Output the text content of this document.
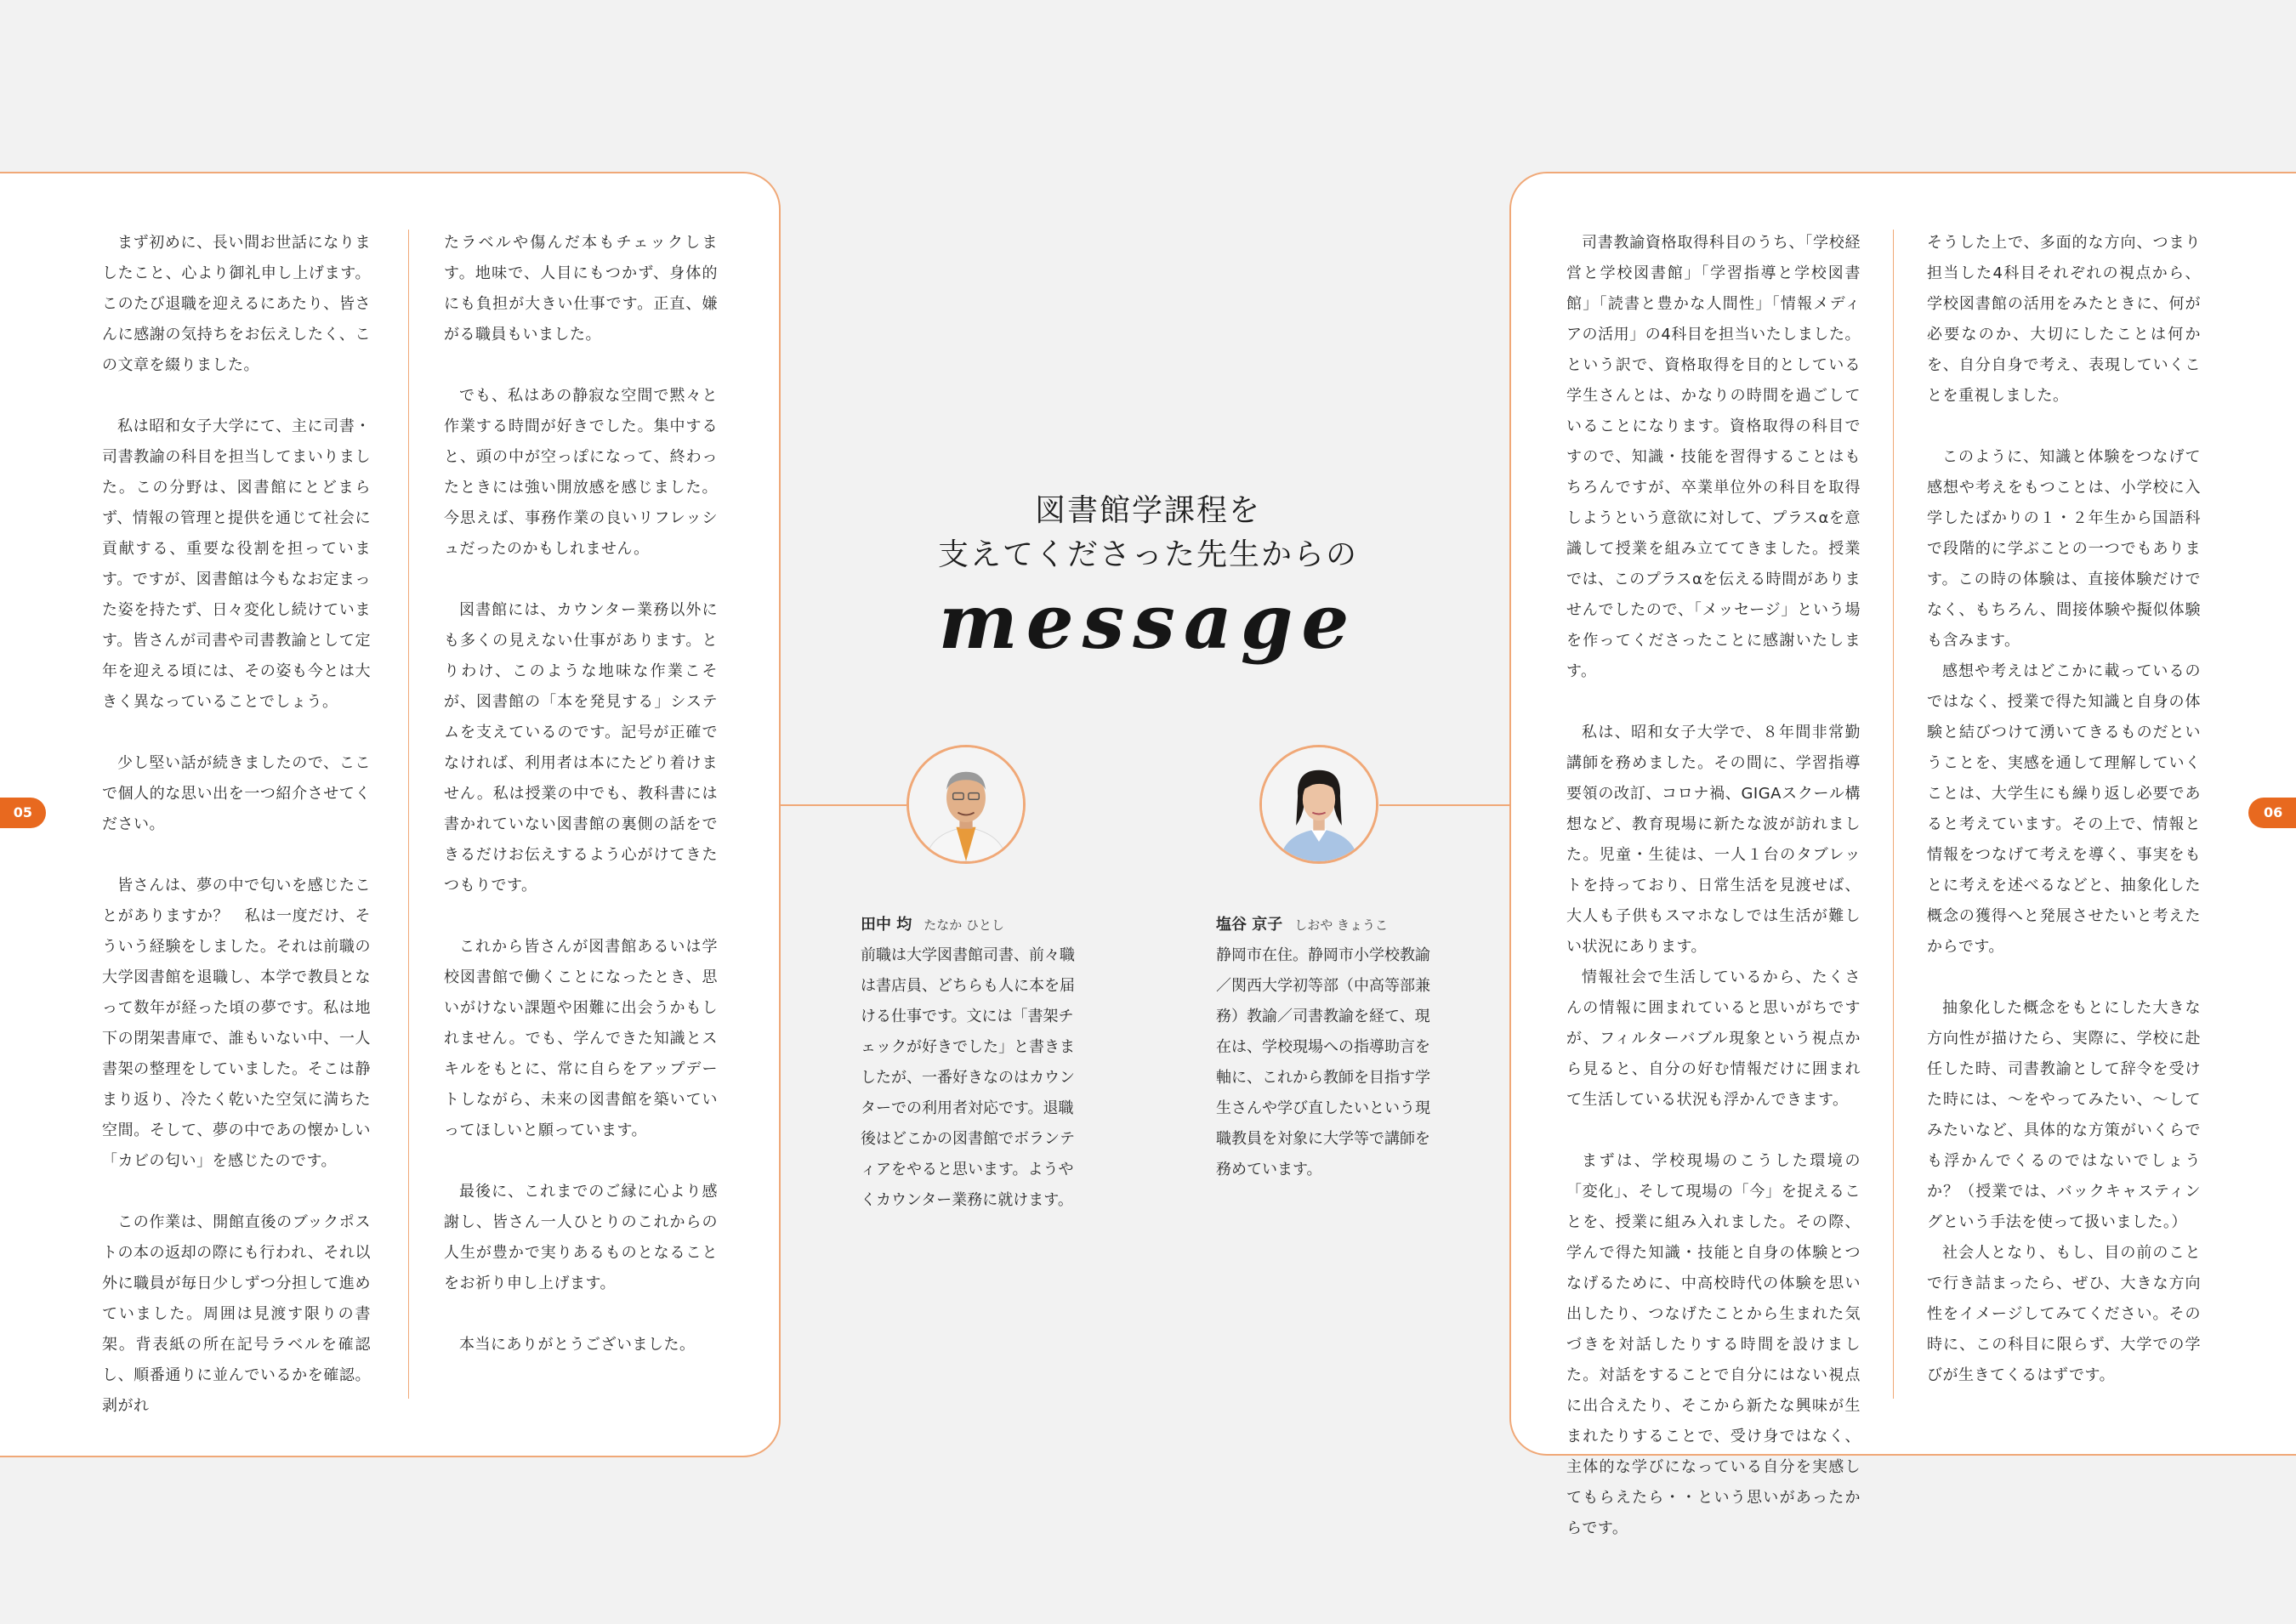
05

まず初めに、長い間お世話になりましたこと、心より御礼申し上げます。このたび退職を迎えるにあたり、皆さんに感謝の気持ちをお伝えしたく、この文章を綴りました。

私は昭和女子大学にて、主に司書・司書教諭の科目を担当してまいりました。この分野は、図書館にとどまらず、情報の管理と提供を通じて社会に貢献する、重要な役割を担っています。ですが、図書館は今もなお定まった姿を持たず、日々変化し続けています。皆さんが司書や司書教諭として定年を迎える頃には、その姿も今とは大きく異なっていることでしょう。

少し堅い話が続きましたので、ここで個人的な思い出を一つ紹介させてください。

皆さんは、夢の中で匂いを感じたことがありますか？　私は一度だけ、そういう経験をしました。それは前職の大学図書館を退職し、本学で教員となって数年が経った頃の夢です。私は地下の閉架書庫で、誰もいない中、一人書架の整理をしていました。そこは静まり返り、冷たく乾いた空気に満ちた空間。そして、夢の中であの懐かしい「カビの匂い」を感じたのです。

この作業は、開館直後のブックポストの本の返却の際にも行われ、それ以外に職員が毎日少しずつ分担して進めていました。周囲は見渡す限りの書架。背表紙の所在記号ラベルを確認し、順番通りに並んでいるかを確認。剥がれ

たラベルや傷んだ本もチェックします。地味で、人目にもつかず、身体的にも負担が大きい仕事です。正直、嫌がる職員もいました。

でも、私はあの静寂な空間で黙々と作業する時間が好きでした。集中すると、頭の中が空っぽになって、終わったときには強い開放感を感じました。今思えば、事務作業の良いリフレッシュだったのかもしれません。

図書館には、カウンター業務以外にも多くの見えない仕事があります。とりわけ、このような地味な作業こそが、図書館の「本を発見する」システムを支えているのです。記号が正確でなければ、利用者は本にたどり着けません。私は授業の中でも、教科書には書かれていない図書館の裏側の話をできるだけお伝えするよう心がけてきたつもりです。

これから皆さんが図書館あるいは学校図書館で働くことになったとき、思いがけない課題や困難に出会うかもしれません。でも、学んできた知識とスキルをもとに、常に自らをアップデートしながら、未来の図書館を築いていってほしいと願っています。

最後に、これまでのご縁に心より感謝し、皆さん一人ひとりのこれからの人生が豊かで実りあるものとなることをお祈り申し上げます。

本当にありがとうございました。

図書館学課程を
支えてくださった先生からの
message
田中 均 たなか ひとし
前職は大学図書館司書、前々職は書店員、どちらも人に本を届ける仕事です。文には「書架チェックが好きでした」と書きましたが、一番好きなのはカウンターでの利用者対応です。退職後はどこかの図書館でボランティアをやると思います。ようやくカウンター業務に就けます。
塩谷 京子 しおや きょうこ
静岡市在住。静岡市小学校教諭／関西大学初等部（中高等部兼務）教諭／司書教諭を経て、現在は、学校現場への指導助言を軸に、これから教師を目指す学生さんや学び直したいという現職教員を対象に大学等で講師を務めています。
06

司書教諭資格取得科目のうち、「学校経営と学校図書館」「学習指導と学校図書館」「読書と豊かな人間性」「情報メディアの活用」の4科目を担当いたしました。という訳で、資格取得を目的としている学生さんとは、かなりの時間を過ごしていることになります。資格取得の科目ですので、知識・技能を習得することはもちろんですが、卒業単位外の科目を取得しようという意欲に対して、プラスαを意識して授業を組み立ててきました。授業では、このプラスαを伝える時間がありませんでしたので、「メッセージ」という場を作ってくださったことに感謝いたします。

私は、昭和女子大学で、８年間非常勤講師を務めました。その間に、学習指導要領の改訂、コロナ禍、GIGAスクール構想など、教育現場に新たな波が訪れました。児童・生徒は、一人１台のタブレットを持っており、日常生活を見渡せば、大人も子供もスマホなしでは生活が難しい状況にあります。

情報社会で生活しているから、たくさんの情報に囲まれていると思いがちですが、フィルターバブル現象という視点から見ると、自分の好む情報だけに囲まれて生活している状況も浮かんできます。

まずは、学校現場のこうした環境の「変化」、そして現場の「今」を捉えることを、授業に組み入れました。その際、学んで得た知識・技能と自身の体験とつなげるために、中高校時代の体験を思い出したり、つなげたことから生まれた気づきを対話したりする時間を設けました。対話をすることで自分にはない視点に出合えたり、そこから新たな興味が生まれたりすることで、受け身ではなく、主体的な学びになっている自分を実感してもらえたら・・という思いがあったからです。

そうした上で、多面的な方向、つまり担当した4科目それぞれの視点から、学校図書館の活用をみたときに、何が必要なのか、大切にしたことは何かを、自分自身で考え、表現していくことを重視しました。

このように、知識と体験をつなげて感想や考えをもつことは、小学校に入学したばかりの１・２年生から国語科で段階的に学ぶことの一つでもあります。この時の体験は、直接体験だけでなく、もちろん、間接体験や擬似体験も含みます。

感想や考えはどこかに載っているのではなく、授業で得た知識と自身の体験と結びつけて湧いてきるものだということを、実感を通して理解していくことは、大学生にも繰り返し必要であると考えています。その上で、情報と情報をつなげて考えを導く、事実をもとに考えを述べるなどと、抽象化した概念の獲得へと発展させたいと考えたからです。

抽象化した概念をもとにした大きな方向性が描けたら、実際に、学校に赴任した時、司書教諭として辞令を受けた時には、～をやってみたい、～してみたいなど、具体的な方策がいくらでも浮かんでくるのではないでしょうか？（授業では、バックキャスティングという手法を使って扱いました。）

社会人となり、もし、目の前のことで行き詰まったら、ぜひ、大きな方向性をイメージしてみてください。その時に、この科目に限らず、大学での学びが生きてくるはずです。
